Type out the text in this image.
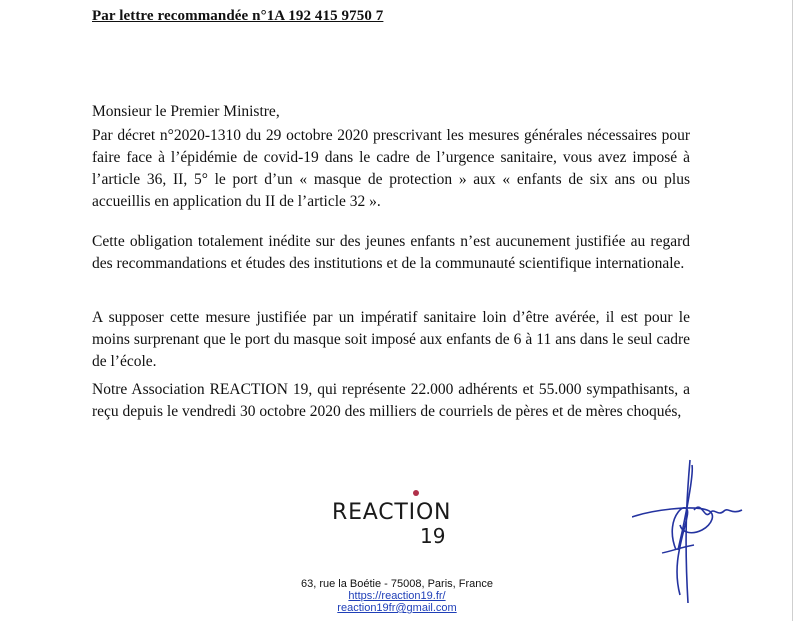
Par lettre recommandée n°1A 192 415 9750 7
Monsieur le Premier Ministre,

Par décret n°2020-1310 du 29 octobre 2020 prescrivant les mesures générales nécessaires pour faire face à l’épidémie de covid-19 dans le cadre de l’urgence sanitaire, vous avez imposé à l’article 36, II, 5° le port d’un « masque de protection » aux « enfants de six ans ou plus accueillis en application du II de l’article 32 ».

Cette obligation totalement inédite sur des jeunes enfants n’est aucunement justifiée au regard des recommandations et études des institutions et de la communauté scientifique internationale.

A supposer cette mesure justifiée par un impératif sanitaire loin d’être avérée, il est pour le moins surprenant que le port du masque soit imposé aux enfants de 6 à 11 ans dans le seul cadre de l’école.

Notre Association REACTION 19, qui représente 22.000 adhérents et 55.000 sympathisants, a reçu depuis le vendredi 30 octobre 2020 des milliers de courriels de pères et de mères choqués,

REACTION
19
63, rue la Boétie - 75008, Paris, France
https://reaction19.fr/
reaction19fr@gmail.com
